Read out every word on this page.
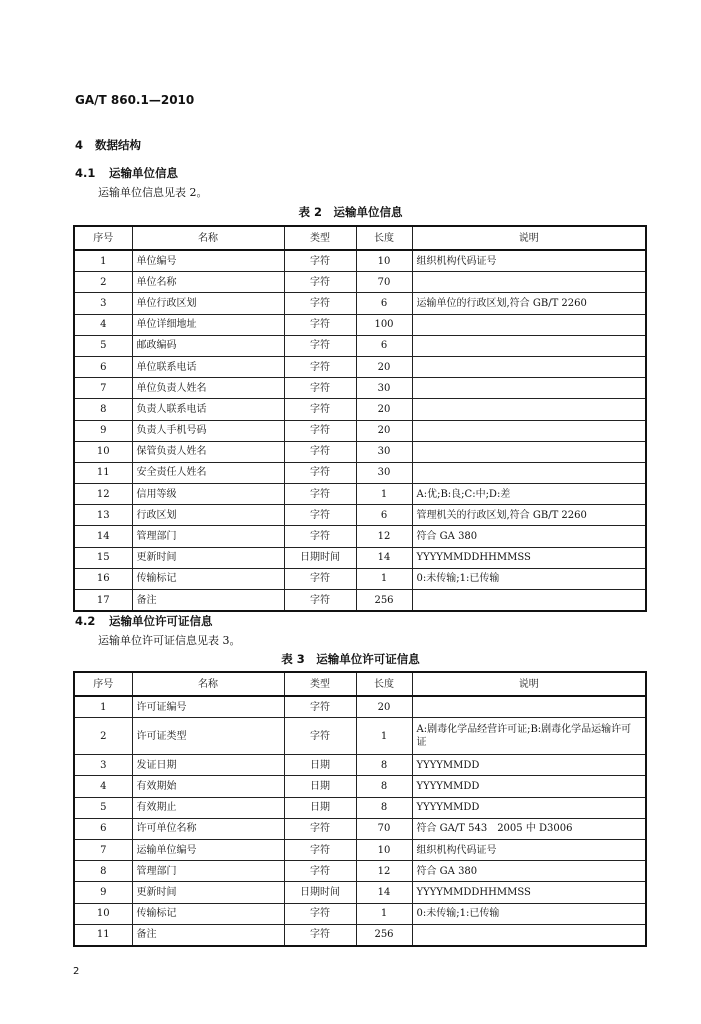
GA/T 860.1—2010
4 数据结构
4.1 运输单位信息
运输单位信息见表 2。
表 2　运输单位信息
序号	名称	类型	长度	说明
1	单位编号	字符	10	组织机构代码证号
2	单位名称	字符	70	
3	单位行政区划	字符	6	运输单位的行政区划,符合 GB/T 2260
4	单位详细地址	字符	100	
5	邮政编码	字符	6	
6	单位联系电话	字符	20	
7	单位负责人姓名	字符	30	
8	负责人联系电话	字符	20	
9	负责人手机号码	字符	20	
10	保管负责人姓名	字符	30	
11	安全责任人姓名	字符	30	
12	信用等级	字符	1	A:优;B:良;C:中;D:差
13	行政区划	字符	6	管理机关的行政区划,符合 GB/T 2260
14	管理部门	字符	12	符合 GA 380
15	更新时间	日期时间	14	YYYYMMDDHHMMSS
16	传输标记	字符	1	0:未传输;1:已传输
17	备注	字符	256	
4.2 运输单位许可证信息
运输单位许可证信息见表 3。
表 3　运输单位许可证信息
序号	名称	类型	长度	说明
1	许可证编号	字符	20	
2	许可证类型	字符	1	A:剧毒化学品经营许可证;B:剧毒化学品运输许可证
3	发证日期	日期	8	YYYYMMDD
4	有效期始	日期	8	YYYYMMDD
5	有效期止	日期	8	YYYYMMDD
6	许可单位名称	字符	70	符合 GA/T 543　2005 中 D3006
7	运输单位编号	字符	10	组织机构代码证号
8	管理部门	字符	12	符合 GA 380
9	更新时间	日期时间	14	YYYYMMDDHHMMSS
10	传输标记	字符	1	0:未传输;1:已传输
11	备注	字符	256	
2
